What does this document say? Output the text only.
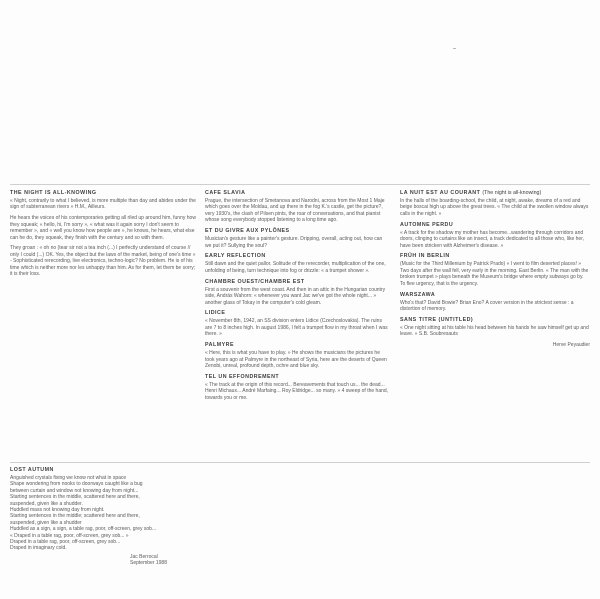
THE NIGHT IS ALL-KNOWING

« Night, contrarily to what I believed, is more multiple than day and abides under the sign of subterranean rivers » H.M., Ailleurs.

He hears the voices of his contemporaries getting all riled up around him, funny how they squeak; « hello, hi, I'm sorry », « what was it again sorry I don't seem to remember », and « well you know how people are », he knows, he hears, what else can he do, they squeak, they finish with the century and so with them.

They groan : « oh no (tear sir not a tea inch (...) I perfectly understand of course // only I could (...) OK. Yes, the object but the laws of the market, being of one's time » - Sophisticated rerecording, live electronics, techno-logic? No problem. He is of his time which is neither more nor les unhappy than him. As for them, let them be sorry; it is their loss.

CAFE SLAVIA

Prague, the intersection of Smetanova and Narodni, across from the Most 1 Maje which goes over the Moldau, and up there in the fog K.'s castle, get the picture?, very 1930's, the clash of Pilsen pints, the roar of conversations, and that pianist whose song everybody stopped listening to a long time ago.

ET DU GIVRE AUX PYLÔNES

Musician's gesture like a painter's gesture. Dripping, overall, acting out, how can we put it? Sullying the soul?

EARLY REFLECTION

Still dawn and the quiet pallor. Solitude of the rerecorder, multiplication of the one, unfolding of being, turn technique into fog or drizzle: « a trumpet shower ».

CHAMBRE OUEST/CHAMBRE EST

First a souvenir from the west coast. And then in an attic in the Hungarian country side, András Wahorn: « whenever you want Jac we've got the whole night... » another glass of Tokay in the computer's cold gleam.

LIDICE

« November 8th, 1942, an SS division enters Lidice (Czechoslovakia). The ruins are 7 to 8 inches high. In august 1986, I felt a trumpet flow in my throat when I was there. »

PALMYRE

« Here, this is what you have to play. » He shows the musicians the pictures he took years ago at Palmyre in the northeast of Syria, here are the deserts of Queen Zenobi, unreal, profound depth, ochre and blue sky.

TEL UN EFFONDREMENT

« The track at the origin of this record... Bereavements that touch us... the dead... Henri Michaux... André Marfaing... Roy Eldridge... so many. » 4 sweep of the hand, towards you or me.

LA NUIT EST AU COURANT (The night is all-knowing)

In the halls of the boarding-school, the child, at night, awake, dreams of a red and beige boscai high up above the great trees. « The child at the swollen window always calls in the night. »

AUTOMNE PERDU

« A track for the shadow my mother has become...wandering through corridors and doors, clinging to curtains like an insect, a track dedicated to all those who, like her, have been stricken with Alzheimer's disease. »

FRÜH IN BERLIN

(Music for the Third Millenium by Patrick Prado) « I went to film deserted places! » Two days after the wall fell, very early in the morning. East Berlin. « The man with the broken trumpet » plays beneath the Museum's bridge where empty subways go by. To flee urgency, that is the urgency.

WARSZAWA

Who's that? David Bowie? Brian Eno? A cover version in the strictest sense : a distortion of memory.

SANS TITRE (UNTITLED)

« One night sitting at his table his head between his hands he saw himself get up and leave. » S.B. Soubresauts

Herve Peyaudier
LOST AUTUMN
Anguished crystals fixing we know not what in space
Shape wondering from nooks to doorways caught like a bug
between curtain and window not knowing day from night...
Starting sentences in the middle, scattered here and there,
suspended, given like a shudder.
Huddled mass not knowing day from night.
Starting sentences in the middle; scattered here and there,
suspended, given like a shudder
Huddled as a sign, a sign, a table rag, poor, off-screen, grey sob...
« Draped in a table rag, poor, off-screen, grey sob... »
Draped in a table rag, poor, off-screen, grey sob...
Draped in imaginary cold.
Jac Berrocal
September 1988
